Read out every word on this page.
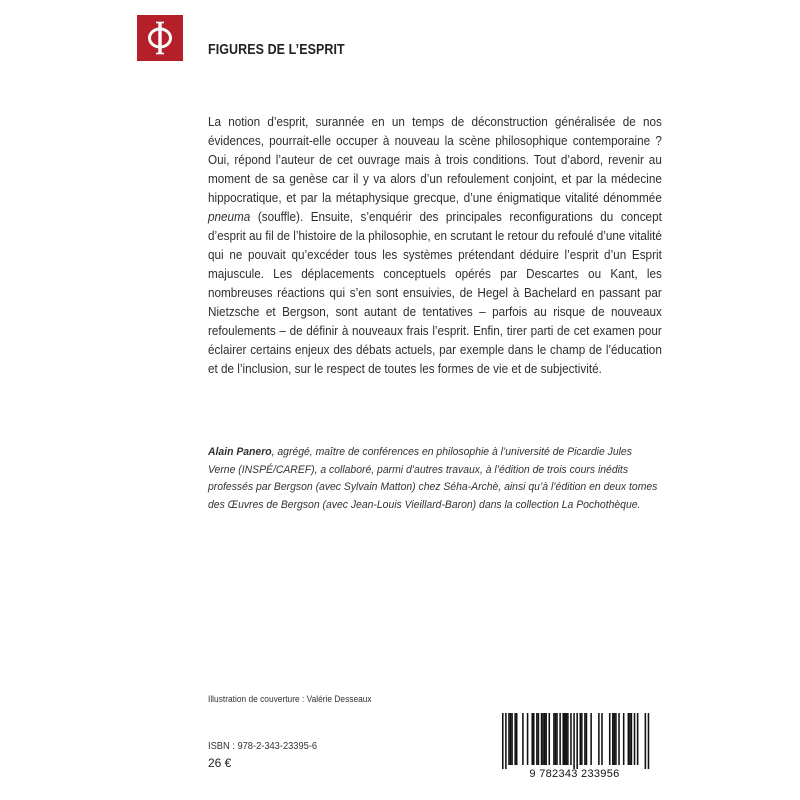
FIGURES DE L’ESPRIT

La notion d’esprit, surannée en un temps de déconstruction généralisée de nos évidences, pourrait-elle occuper à nouveau la scène philosophique contemporaine ? Oui, répond l’auteur de cet ouvrage mais à trois conditions. Tout d’abord, revenir au moment de sa genèse car il y va alors d’un refoulement conjoint, et par la médecine hippocratique, et par la métaphysique grecque, d’une énigmatique vitalité dénommée pneuma (souffle). Ensuite, s’enquérir des principales reconfigurations du concept d’esprit au fil de l’histoire de la philosophie, en scrutant le retour du refoulé d’une vitalité qui ne pouvait qu’excéder tous les systèmes prétendant déduire l’esprit d’un Esprit majuscule. Les déplacements conceptuels opérés par Descartes ou Kant, les nombreuses réactions qui s’en sont ensuivies, de Hegel à Bachelard en passant par Nietzsche et Bergson, sont autant de tentatives – parfois au risque de nouveaux refoulements – de définir à nouveaux frais l’esprit. Enfin, tirer parti de cet examen pour éclairer certains enjeux des débats actuels, par exemple dans le champ de l’éducation et de l’inclusion, sur le respect de toutes les formes de vie et de subjectivité.

Alain Panero, agrégé, maître de conférences en philosophie à l’université de Picardie Jules Verne (INSPÉ/CAREF), a collaboré, parmi d’autres travaux, à l’édition de trois cours inédits professés par Bergson (avec Sylvain Matton) chez Séha-Archè, ainsi qu’à l’édition en deux tomes des Œuvres de Bergson (avec Jean-Louis Vieillard-Baron) dans la collection La Pochothèque.

Illustration de couverture : Valérie Desseaux
ISBN : 978-2-343-23395-6
26 €
9 782343 233956
